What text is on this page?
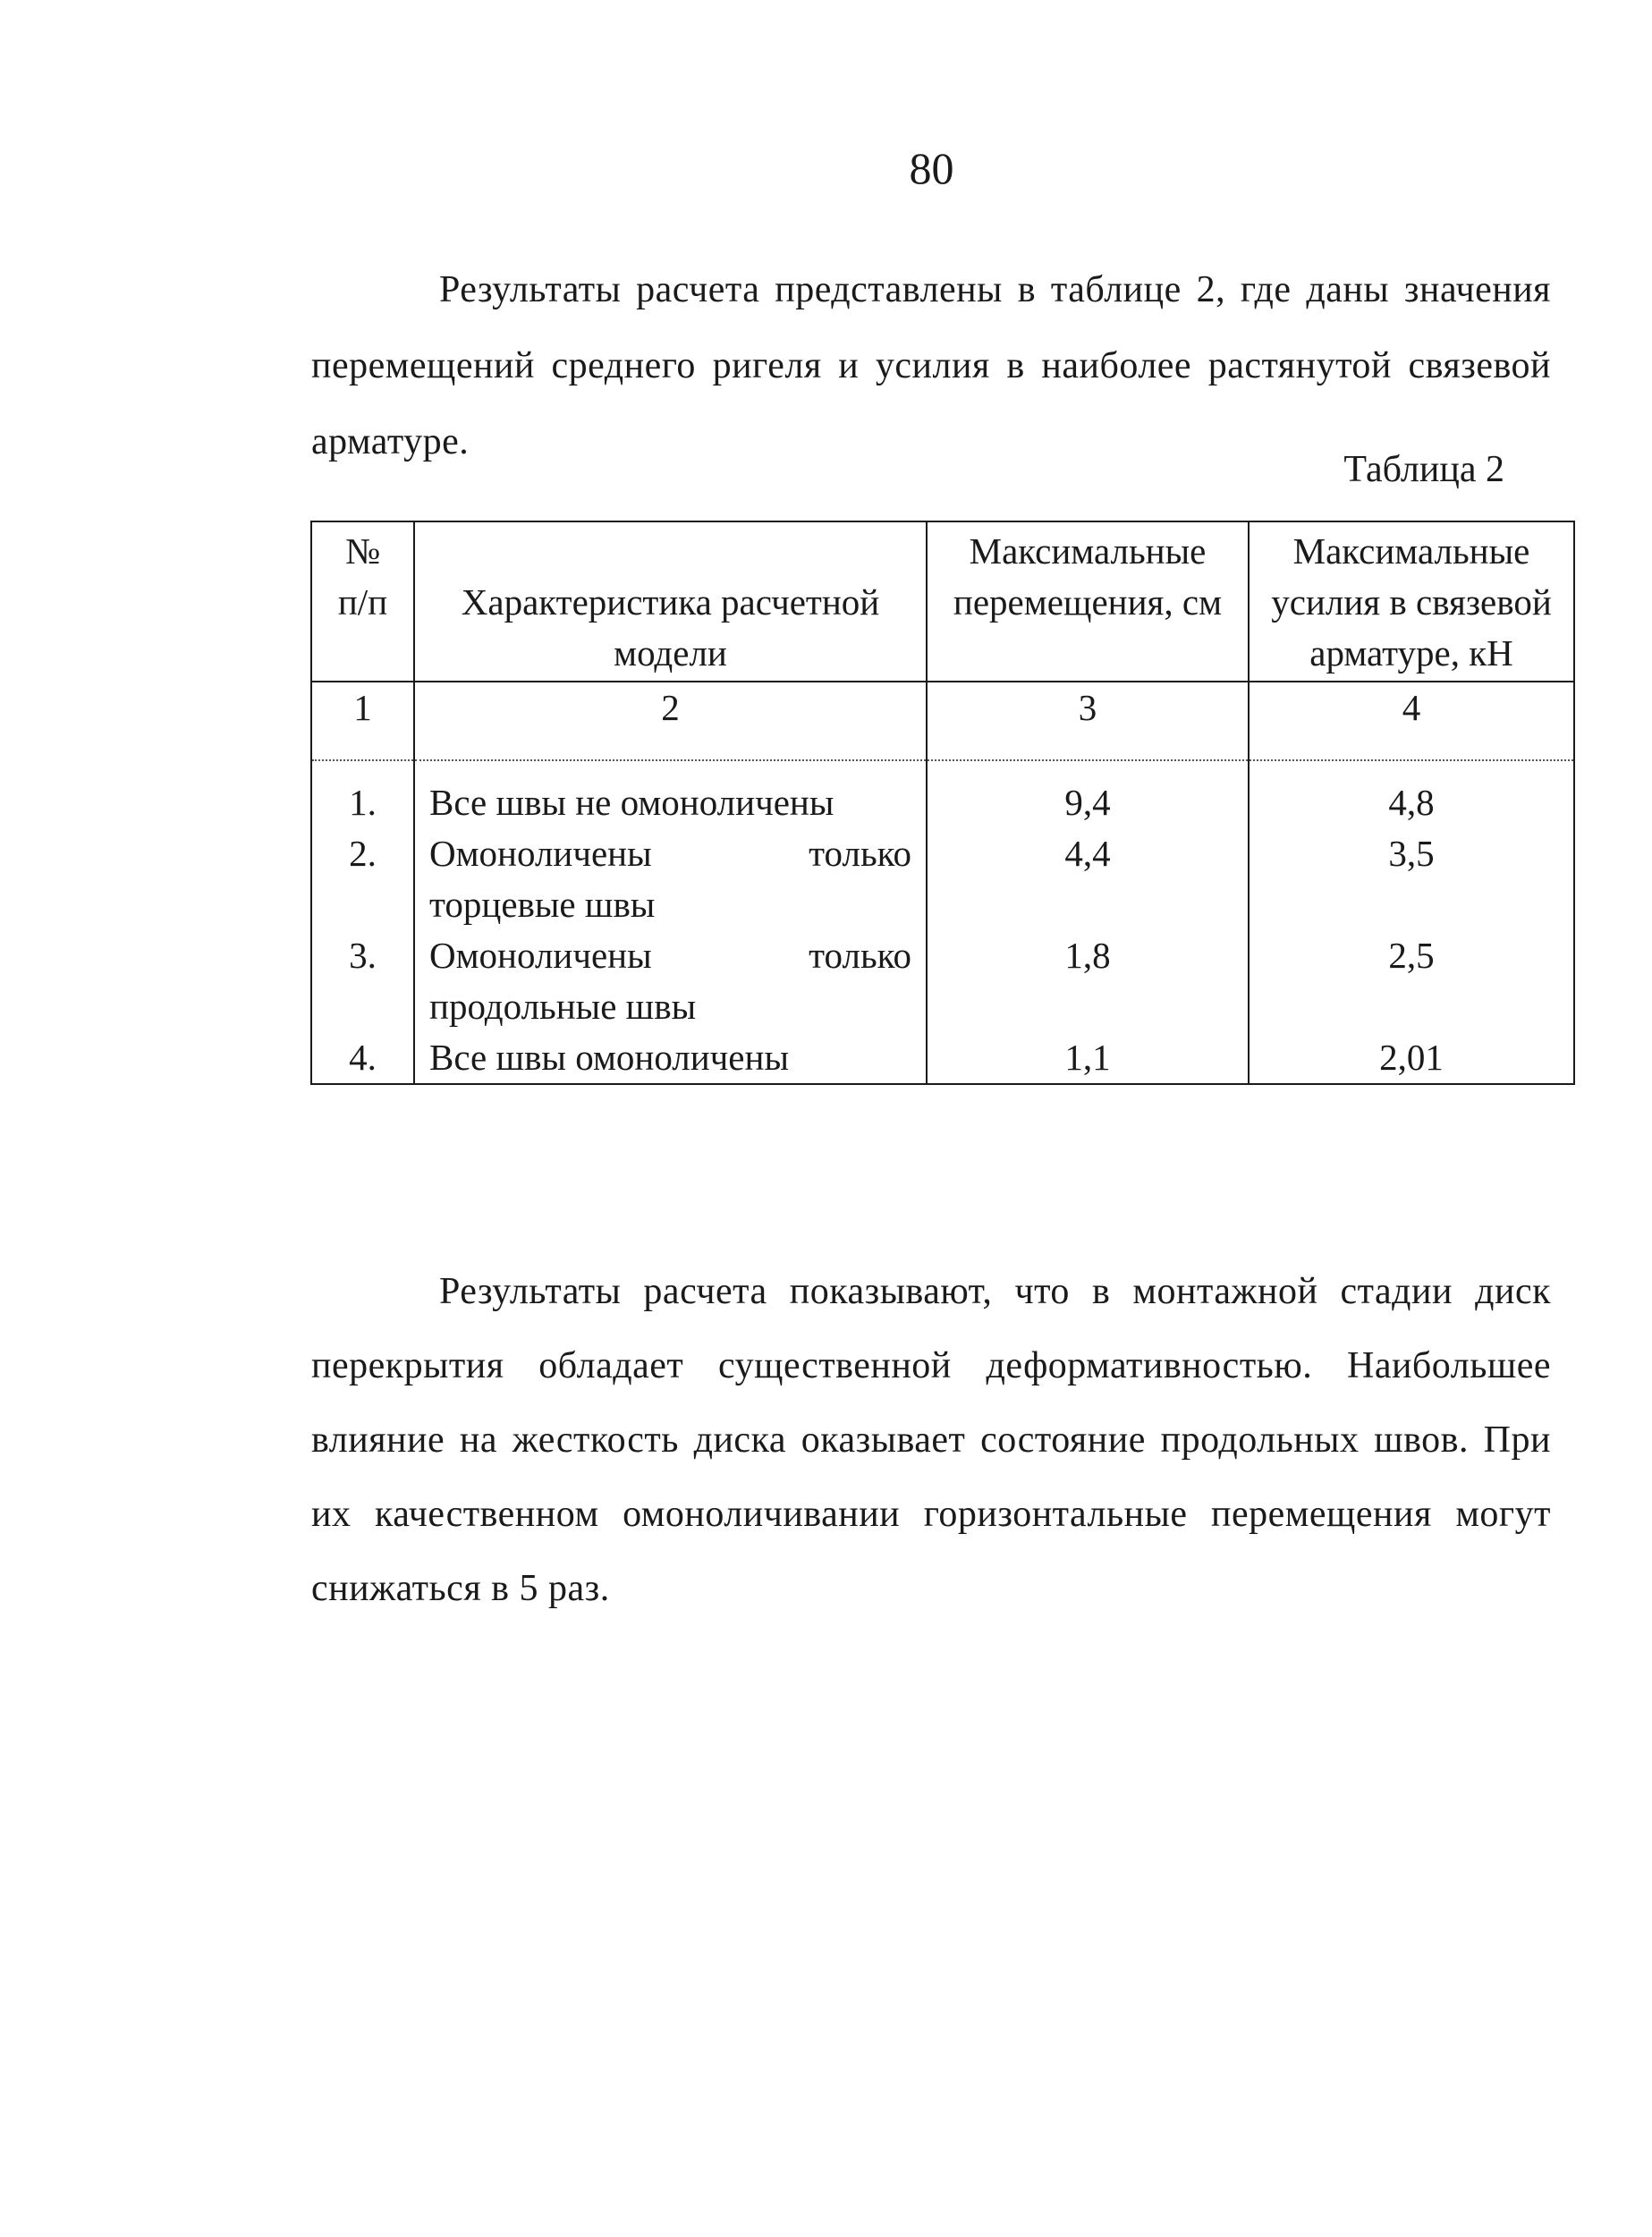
80

Результаты расчета представлены в таблице 2, где даны значения перемещений среднего ригеля и усилия в наиболее растянутой связевой арматуре.

Таблица 2
№ п/п	Характеристика расчетной модели	Максимальные перемещения, см	Максимальные усилия в связевой арматуре, кН
1	2	3	4
1.	Все швы не омоноличены	9,4	4,8
2.	Омоноличены только торцевые швы	4,4	3,5
3.	Омоноличены только продольные швы	1,8	2,5
4.	Все швы омоноличены	1,1	2,01

Результаты расчета показывают, что в монтажной стадии диск перекрытия обладает существенной деформативностью. Наибольшее влияние на жесткость диска оказывает состояние продольных швов. При их качественном омоноличивании горизонтальные перемещения могут снижаться в 5 раз.
